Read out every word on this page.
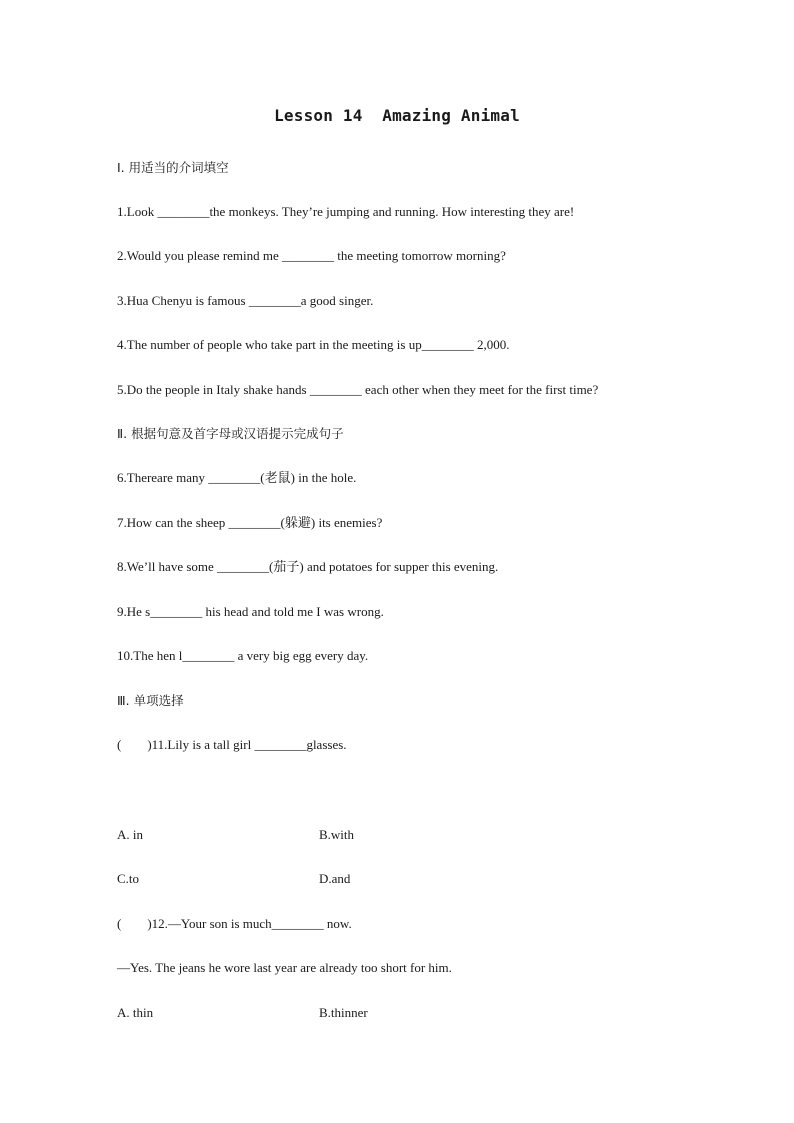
Lesson 14  Amazing Animal
Ⅰ. 用适当的介词填空
1.Look ________the monkeys. They’re jumping and running. How interesting they are!
2.Would you please remind me ________ the meeting tomorrow morning?
3.Hua Chenyu is famous ________a good singer.
4.The number of people who take part in the meeting is up________ 2,000.
5.Do the people in Italy shake hands ________ each other when they meet for the first time?
Ⅱ. 根据句意及首字母或汉语提示完成句子
6.Thereare many ________(老鼠) in the hole.
7.How can the sheep ________(躲避) its enemies?
8.We’ll have some ________(茄子) and potatoes for supper this evening.
9.He s________ his head and told me I was wrong.
10.The hen l________ a very big egg every day.
Ⅲ. 单项选择
(        )11.Lily is a tall girl ________glasses.
A. in	B.with
C.to	D.and
(        )12.—Your son is much________ now.
—Yes. The jeans he wore last year are already too short for him.
A. thin	B.thinner
